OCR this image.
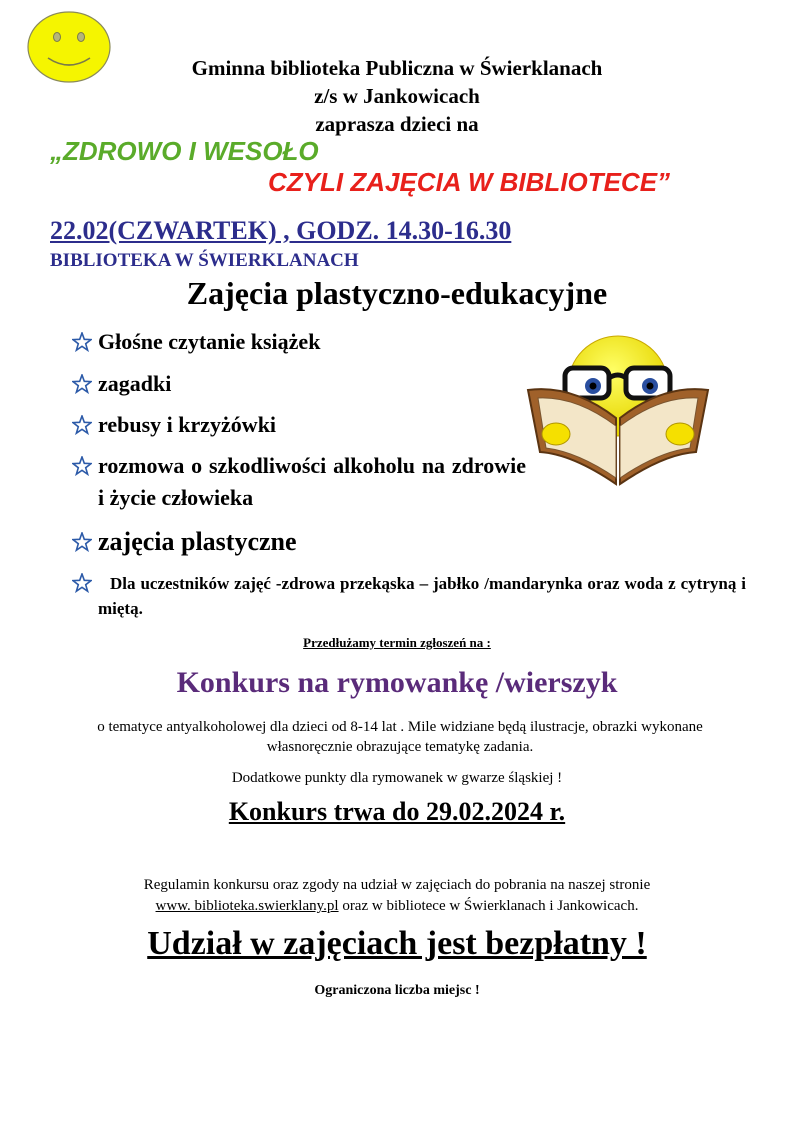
Gminna biblioteka Publiczna w Świerklanach
z/s w Jankowicach
zaprasza dzieci na
„ZDROWO I WESOŁO
CZYLI ZAJĘCIA W BIBLIOTECE”
22.02(CZWARTEK) , GODZ. 14.30-16.30
BIBLIOTEKA W ŚWIERKLANACH
Zajęcia plastyczno-edukacyjne
Głośne czytanie książek
zagadki
rebusy i krzyżówki
rozmowa o szkodliwości alkoholu na zdrowie i życie człowieka
zajęcia plastyczne
Dla uczestników zajęć -zdrowa przekąska – jabłko /mandarynka oraz woda z cytryną i miętą.
Przedłużamy termin zgłoszeń na :
Konkurs na rymowankę /wierszyk
o tematyce antyalkoholowej dla dzieci od 8-14 lat . Mile widziane będą ilustracje, obrazki wykonane własnoręcznie obrazujące tematykę zadania.
Dodatkowe punkty dla rymowanek w gwarze śląskiej !
Konkurs trwa do 29.02.2024 r.
Regulamin konkursu oraz zgody na udział w zajęciach do pobrania na naszej stronie
www. biblioteka.swierklany.pl oraz w bibliotece w Świerklanach i Jankowicach.
Udział w zajęciach jest bezpłatny !
Ograniczona liczba miejsc !
